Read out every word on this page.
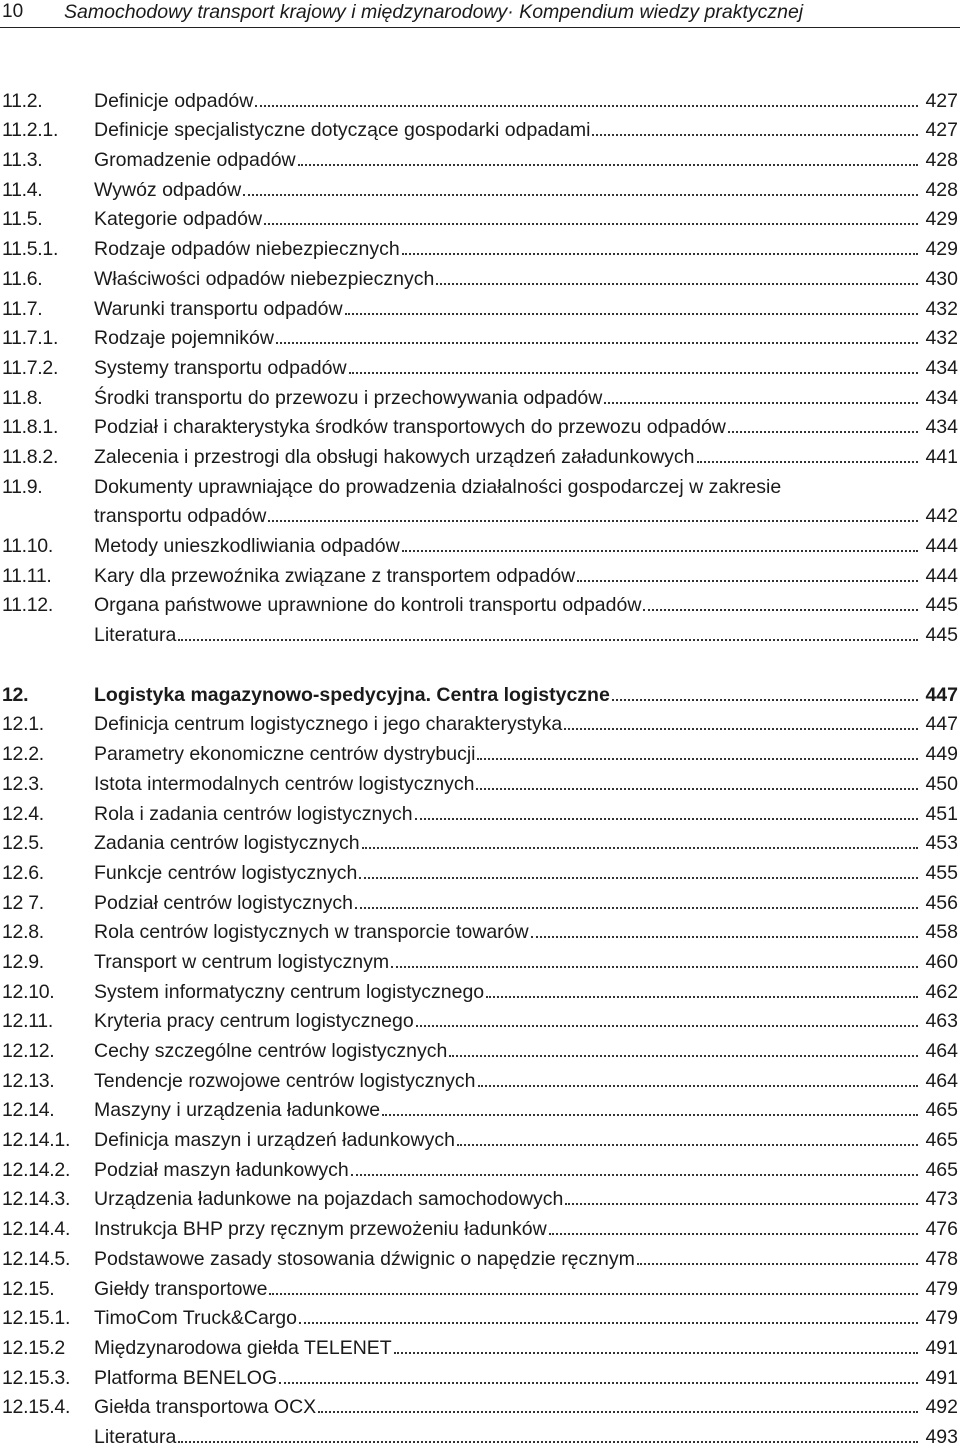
10 Samochodowy transport krajowy i międzynarodowy· Kompendium wiedzy praktycznej
11.2.	Definicje odpadów	427
11.2.1.	Definicje specjalistyczne dotyczące gospodarki odpadami	427
11.3.	Gromadzenie odpadów	428
11.4.	Wywóz odpadów	428
11.5.	Kategorie odpadów	429
11.5.1.	Rodzaje odpadów niebezpiecznych	429
11.6.	Właściwości odpadów niebezpiecznych	430
11.7.	Warunki transportu odpadów	432
11.7.1.	Rodzaje pojemników	432
11.7.2.	Systemy transportu odpadów	434
11.8.	Środki transportu do przewozu i przechowywania odpadów	434
11.8.1.	Podział i charakterystyka środków transportowych do przewozu odpadów	434
11.8.2.	Zalecenia i przestrogi dla obsługi hakowych urządzeń załadunkowych	441
11.9.	Dokumenty uprawniające do prowadzenia działalności gospodarczej w zakresie
transportu odpadów	442
11.10.	Metody unieszkodliwiania odpadów	444
11.11.	Kary dla przewoźnika związane z transportem odpadów	444
11.12.	Organa państwowe uprawnione do kontroli transportu odpadów	445
Literatura	445
12.	Logistyka magazynowo-spedycyjna. Centra logistyczne	447
12.1.	Definicja centrum logistycznego i jego charakterystyka	447
12.2.	Parametry ekonomiczne centrów dystrybucji	449
12.3.	Istota intermodalnych centrów logistycznych	450
12.4.	Rola i zadania centrów logistycznych	451
12.5.	Zadania centrów logistycznych	453
12.6.	Funkcje centrów logistycznych	455
12 7.	Podział centrów logistycznych	456
12.8.	Rola centrów logistycznych w transporcie towarów	458
12.9.	Transport w centrum logistycznym	460
12.10.	System informatyczny centrum logistycznego	462
12.11.	Kryteria pracy centrum logistycznego	463
12.12.	Cechy szczególne centrów logistycznych	464
12.13.	Tendencje rozwojowe centrów logistycznych	464
12.14.	Maszyny i urządzenia ładunkowe	465
12.14.1.	Definicja maszyn i urządzeń ładunkowych	465
12.14.2.	Podział maszyn ładunkowych	465
12.14.3.	Urządzenia ładunkowe na pojazdach samochodowych	473
12.14.4.	Instrukcja BHP przy ręcznym przewożeniu ładunków	476
12.14.5.	Podstawowe zasady stosowania dźwignic o napędzie ręcznym	478
12.15.	Giełdy transportowe	479
12.15.1.	TimoCom Truck&Cargo	479
12.15.2	Międzynarodowa giełda TELENET	491
12.15.3.	Platforma BENELOG	491
12.15.4.	Giełda transportowa OCX	492
Literatura	493
